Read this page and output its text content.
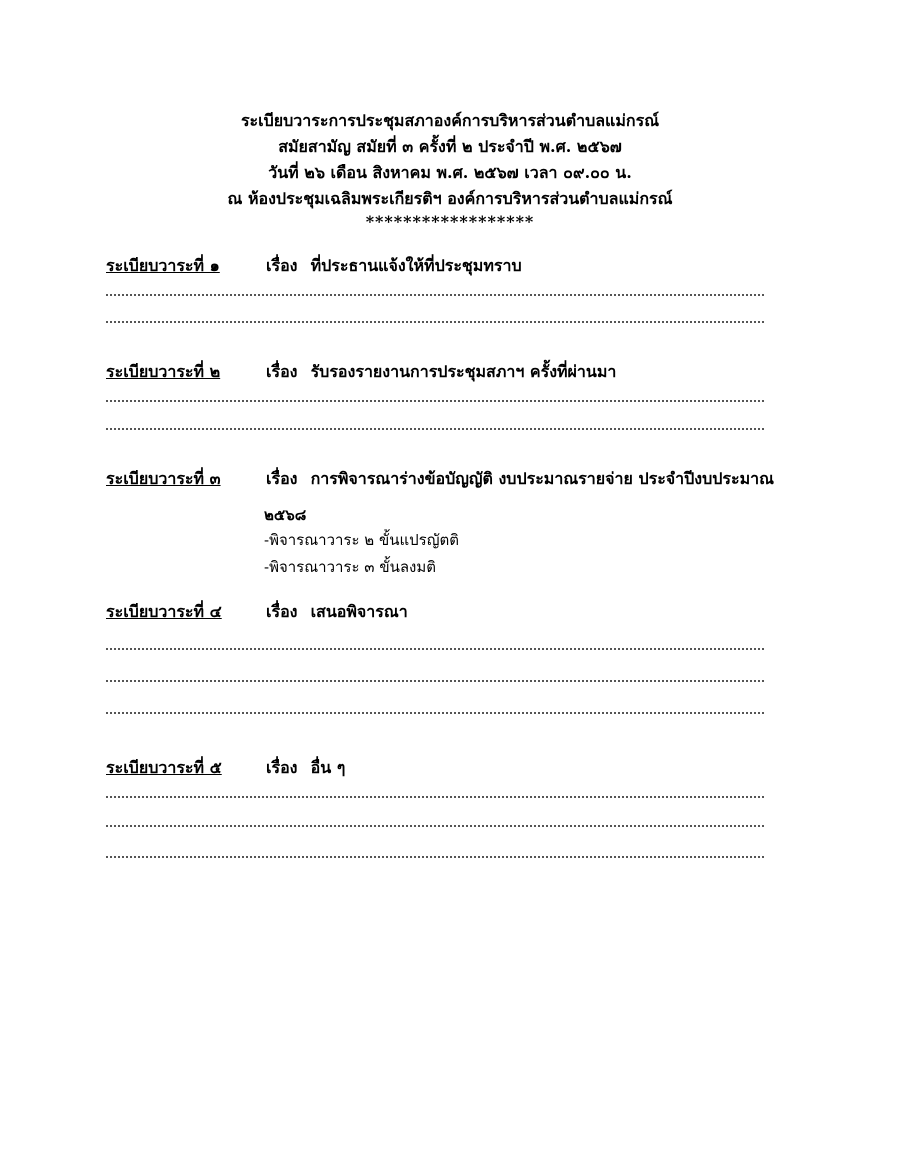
ระเบียบวาระการประชุมสภาองค์การบริหารส่วนตำบลแม่กรณ์
สมัยสามัญ สมัยที่ ๓ ครั้งที่ ๒ ประจำปี พ.ศ. ๒๕๖๗
วันที่ ๒๖ เดือน สิงหาคม พ.ศ. ๒๕๖๗ เวลา ๐๙.๐๐ น.
ณ ห้องประชุมเฉลิมพระเกียรติฯ องค์การบริหารส่วนตำบลแม่กรณ์
******************
ระเบียบวาระที่ ๑	เรื่อง ที่ประธานแจ้งให้ที่ประชุมทราบ
ระเบียบวาระที่ ๒	เรื่อง รับรองรายงานการประชุมสภาฯ ครั้งที่ผ่านมา
ระเบียบวาระที่ ๓	เรื่อง การพิจารณาร่างข้อบัญญัติ งบประมาณรายจ่าย ประจำปีงบประมาณ
๒๕๖๘
-พิจารณาวาระ ๒ ขั้นแปรญัตติ
-พิจารณาวาระ ๓ ขั้นลงมติ
ระเบียบวาระที่ ๔	เรื่อง เสนอพิจารณา
ระเบียบวาระที่ ๕	เรื่อง อื่น ๆ
